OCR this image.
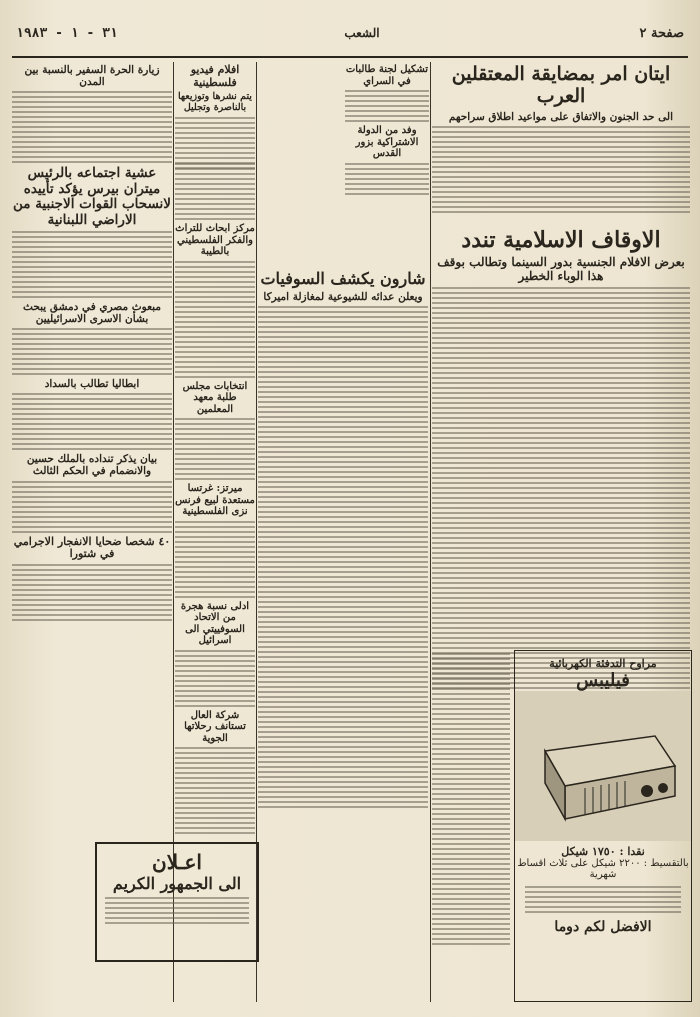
صفحة ٢
الشعب
٣١ - ١ - ١٩٨٣
ايتان امر بمضايقة المعتقلين العرب
الى حد الجنون والاتفاق على مواعيد اطلاق سراحهم
الاوقاف الاسلامية تندد
بعرض الافلام الجنسية بدور السينما وتطالب بوقف هذا الوباء الخطير
تشكيل لجنة طالبات في السراي
وفد من الدولة الاشتراكية بزور القدس
افلام فيديو فلسطينية
يتم نشرها وتوزيعها بالناصرة وتجليل
شارون يكشف السوفيات
ويعلن عدائه للشيوعية لمغازلة اميركا
مركز ابحاث للتراث والفكر الفلسطيني بالطيبة
انتخابات مجلس طلبة معهد المعلمين
ميرتز: غرتسا مستعدة لبيع فرنس نزى الفلسطينية
ادلى نسبة هجرة من الاتحاد السوفييتي الى اسرائيل
شركة العال تستانف رحلاتها الجوية
زيارة الحرة السفير بالنسبة بين المدن
عشية اجتماعه بالرئيس ميتران بيرس يؤكد تأييده لانسحاب القوات الاجنبية من الاراضي اللبنانية
مبعوث مصري في دمشق يبحث بشأن الاسرى الاسرائيليين
ابطاليا تطالب بالسداد
بيان يذكر تنداده بالملك حسين والانضمام في الحكم الثالث
٤٠ شخصا ضحايا الانفجار الاجرامي في شتورا
مراوح التدفئة الكهربائية
فيليبس
نقدا : ١٧٥٠ شيكل
بالتقسيط : ٢٢٠٠ شيكل على ثلاث اقساط شهرية
الافضل لكم دوما
اعـلان
الى الجمهور الكريم
